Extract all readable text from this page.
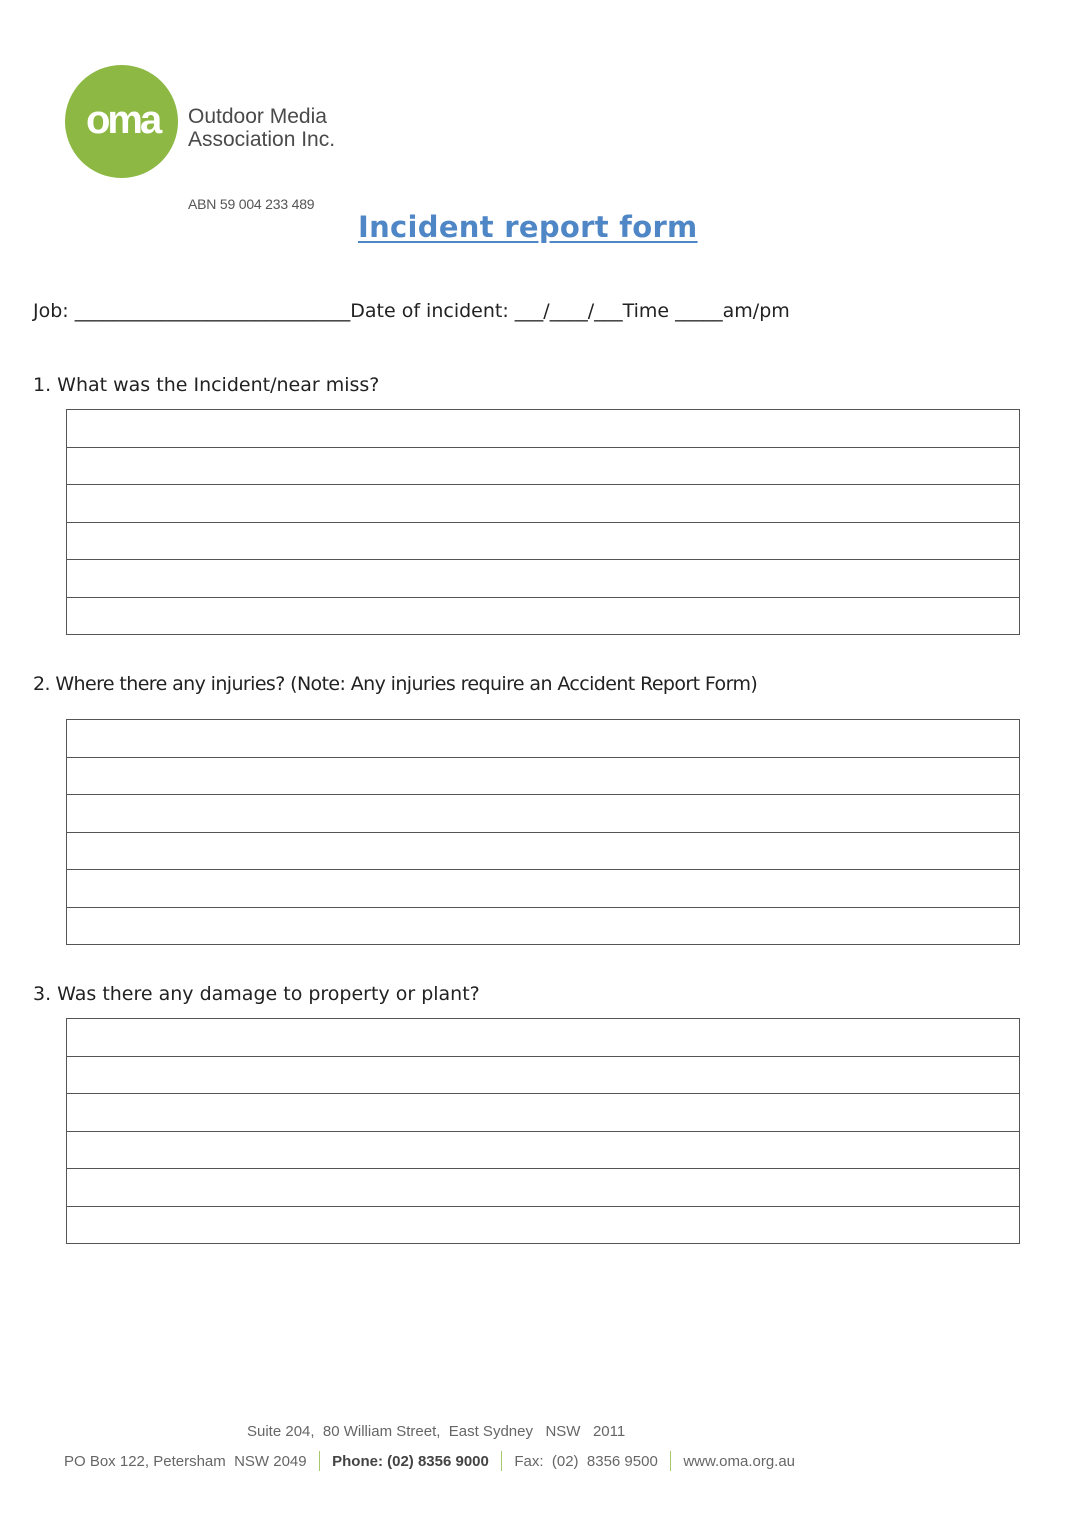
oma Outdoor Media
Association Inc.
ABN 59 004 233 489
Incident report form
Job: _____________________________Date of incident: ___/____/___Time _____am/pm
1. What was the Incident/near miss?
2. Where there any injuries? (Note: Any injuries require an Accident Report Form)
3. Was there any damage to property or plant?
Suite 204,  80 William Street,  East Sydney   NSW   2011
PO Box 122, Petersham  NSW 2049 Phone: (02) 8356 9000 Fax:  (02)  8356 9500 www.oma.org.au
